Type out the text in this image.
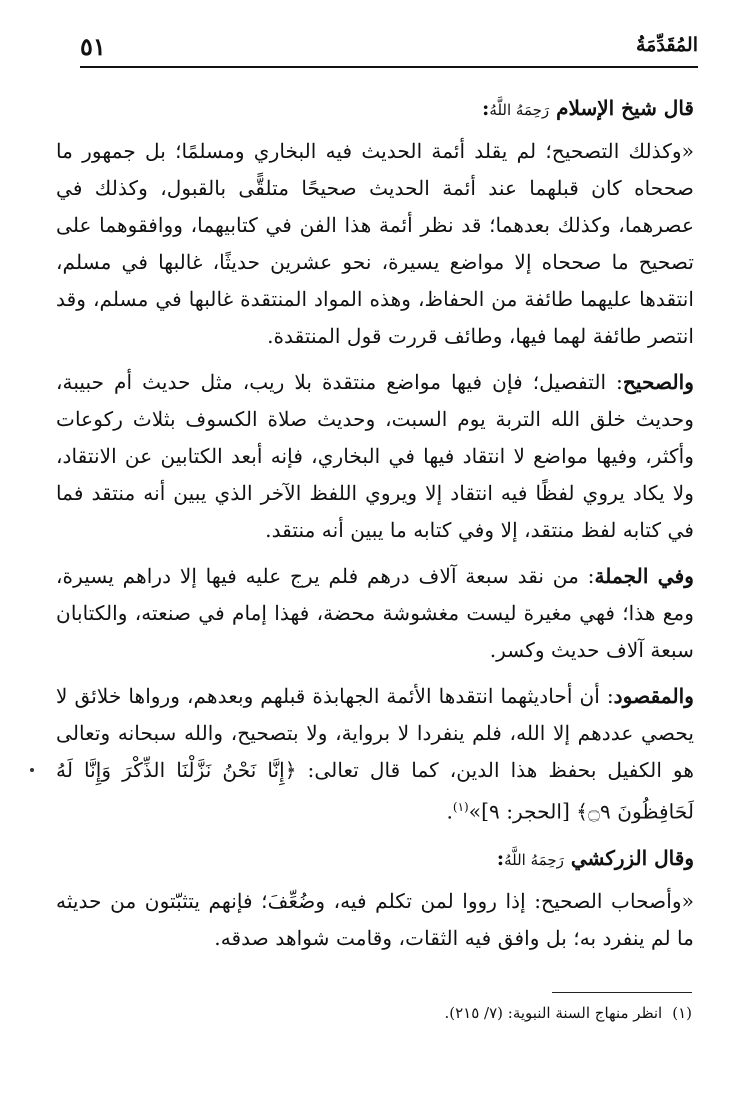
المُقَدِّمَةُ
٥١

قال شيخ الإسلام رَحِمَهُ اللَّهُ:

«وكذلك التصحيح؛ لم يقلد أئمة الحديث فيه البخاري ومسلمًا؛ بل جمهور ما صححاه كان قبلهما عند أئمة الحديث صحيحًا متلقًّى بالقبول، وكذلك في عصرهما، وكذلك بعدهما؛ قد نظر أئمة هذا الفن في كتابيهما، ووافقوهما على تصحيح ما صححاه إلا مواضع يسيرة، نحو عشرين حديثًا، غالبها في مسلم، انتقدها عليهما طائفة من الحفاظ، وهذه المواد المنتقدة غالبها في مسلم، وقد انتصر طائفة لهما فيها، وطائف قررت قول المنتقدة.

والصحيح: التفصيل؛ فإن فيها مواضع منتقدة بلا ريب، مثل حديث أم حبيبة، وحديث خلق الله التربة يوم السبت، وحديث صلاة الكسوف بثلاث ركوعات وأكثر، وفيها مواضع لا انتقاد فيها في البخاري، فإنه أبعد الكتابين عن الانتقاد، ولا يكاد يروي لفظًا فيه انتقاد إلا ويروي اللفظ الآخر الذي يبين أنه منتقد فما في كتابه لفظ منتقد، إلا وفي كتابه ما يبين أنه منتقد.

وفي الجملة: من نقد سبعة آلاف درهم فلم يرج عليه فيها إلا دراهم يسيرة، ومع هذا؛ فهي مغيرة ليست مغشوشة محضة، فهذا إمام في صنعته، والكتابان سبعة آلاف حديث وكسر.

والمقصود: أن أحاديثهما انتقدها الأئمة الجهابذة قبلهم وبعدهم، ورواها خلائق لا يحصي عددهم إلا الله، فلم ينفردا لا برواية، ولا بتصحيح، والله سبحانه وتعالى هو الكفيل بحفظ هذا الدين، كما قال تعالى: ﴿إِنَّا نَحْنُ نَزَّلْنَا الذِّكْرَ وَإِنَّا لَهُ لَحَافِظُونَ ۝٩﴾ [الحجر: ٩]»$^{(١)}$.

وقال الزركشي رَحِمَهُ اللَّهُ:

«وأصحاب الصحيح: إذا رووا لمن تكلم فيه، وضُعِّفَ؛ فإنهم يتثبّتون من حديثه ما لم ينفرد به؛ بل وافق فيه الثقات، وقامت شواهد صدقه.

(١)انظر منهاج السنة النبوية: (٧/ ٢١٥).
